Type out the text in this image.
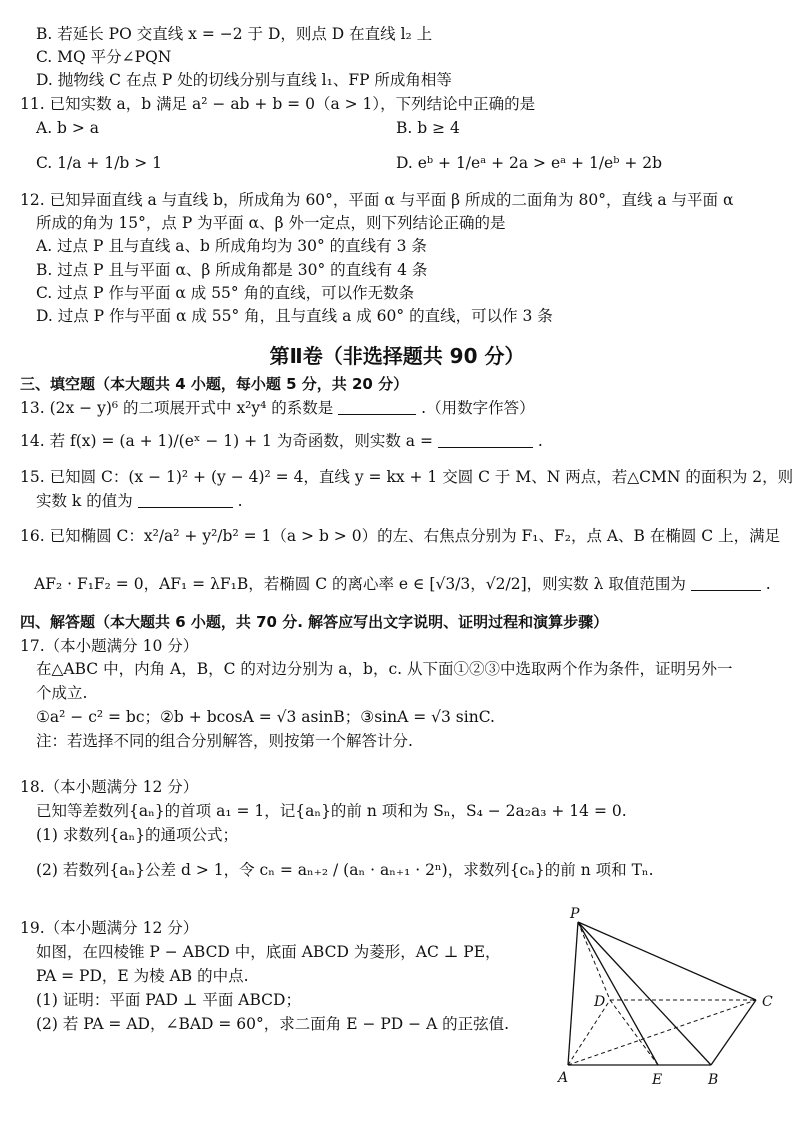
B. 若延长 PO 交直线 x = −2 于 D，则点 D 在直线 l₂ 上
C. MQ 平分∠PQN
D. 抛物线 C 在点 P 处的切线分别与直线 l₁、FP 所成角相等
11. 已知实数 a，b 满足 a² − ab + b = 0（a > 1），下列结论中正确的是
A. b > a	B. b ≥ 4
C. 1/a + 1/b > 1	D. eᵇ + 1/eᵃ + 2a > eᵃ + 1/eᵇ + 2b
12. 已知异面直线 a 与直线 b，所成角为 60°，平面 α 与平面 β 所成的二面角为 80°，直线 a 与平面 α
所成的角为 15°，点 P 为平面 α、β 外一定点，则下列结论正确的是
A. 过点 P 且与直线 a、b 所成角均为 30° 的直线有 3 条
B. 过点 P 且与平面 α、β 所成角都是 30° 的直线有 4 条
C. 过点 P 作与平面 α 成 55° 角的直线，可以作无数条
D. 过点 P 作与平面 α 成 55° 角，且与直线 a 成 60° 的直线，可以作 3 条
第Ⅱ卷（非选择题共 90 分）
三、填空题（本大题共 4 小题，每小题 5 分，共 20 分）
13. (2x − y)⁶ 的二项展开式中 x²y⁴ 的系数是	.（用数字作答）
14. 若 f(x) = (a + 1)/(eˣ − 1) + 1 为奇函数，则实数 a =	.
15. 已知圆 C：(x − 1)² + (y − 4)² = 4，直线 y = kx + 1 交圆 C 于 M、N 两点，若△CMN 的面积为 2，则
实数 k 的值为	.
16. 已知椭圆 C：x²/a² + y²/b² = 1（a > b > 0）的左、右焦点分别为 F₁、F₂，点 A、B 在椭圆 C 上，满足
AF₂ · F₁F₂ = 0，AF₁ = λF₁B，若椭圆 C 的离心率 e ∈ [√3/3，√2/2]，则实数 λ 取值范围为	.
四、解答题（本大题共 6 小题，共 70 分. 解答应写出文字说明、证明过程和演算步骤）
17.（本小题满分 10 分）
在△ABC 中，内角 A，B，C 的对边分别为 a，b，c. 从下面①②③中选取两个作为条件，证明另外一
个成立.
①a² − c² = bc；②b + bcosA = √3 asinB；③sinA = √3 sinC.
注：若选择不同的组合分别解答，则按第一个解答计分.
18.（本小题满分 12 分）
已知等差数列{aₙ}的首项 a₁ = 1，记{aₙ}的前 n 项和为 Sₙ，S₄ − 2a₂a₃ + 14 = 0.
(1) 求数列{aₙ}的通项公式；
(2) 若数列{aₙ}公差 d > 1，令 cₙ = aₙ₊₂ / (aₙ · aₙ₊₁ · 2ⁿ)，求数列{cₙ}的前 n 项和 Tₙ.
19.（本小题满分 12 分）
如图，在四棱锥 P − ABCD 中，底面 ABCD 为菱形，AC ⊥ PE，
PA = PD，E 为棱 AB 的中点.
(1) 证明：平面 PAD ⊥ 平面 ABCD；
(2) 若 PA = AD，∠BAD = 60°，求二面角 E − PD − A 的正弦值.
P
A	E	B
C
D
